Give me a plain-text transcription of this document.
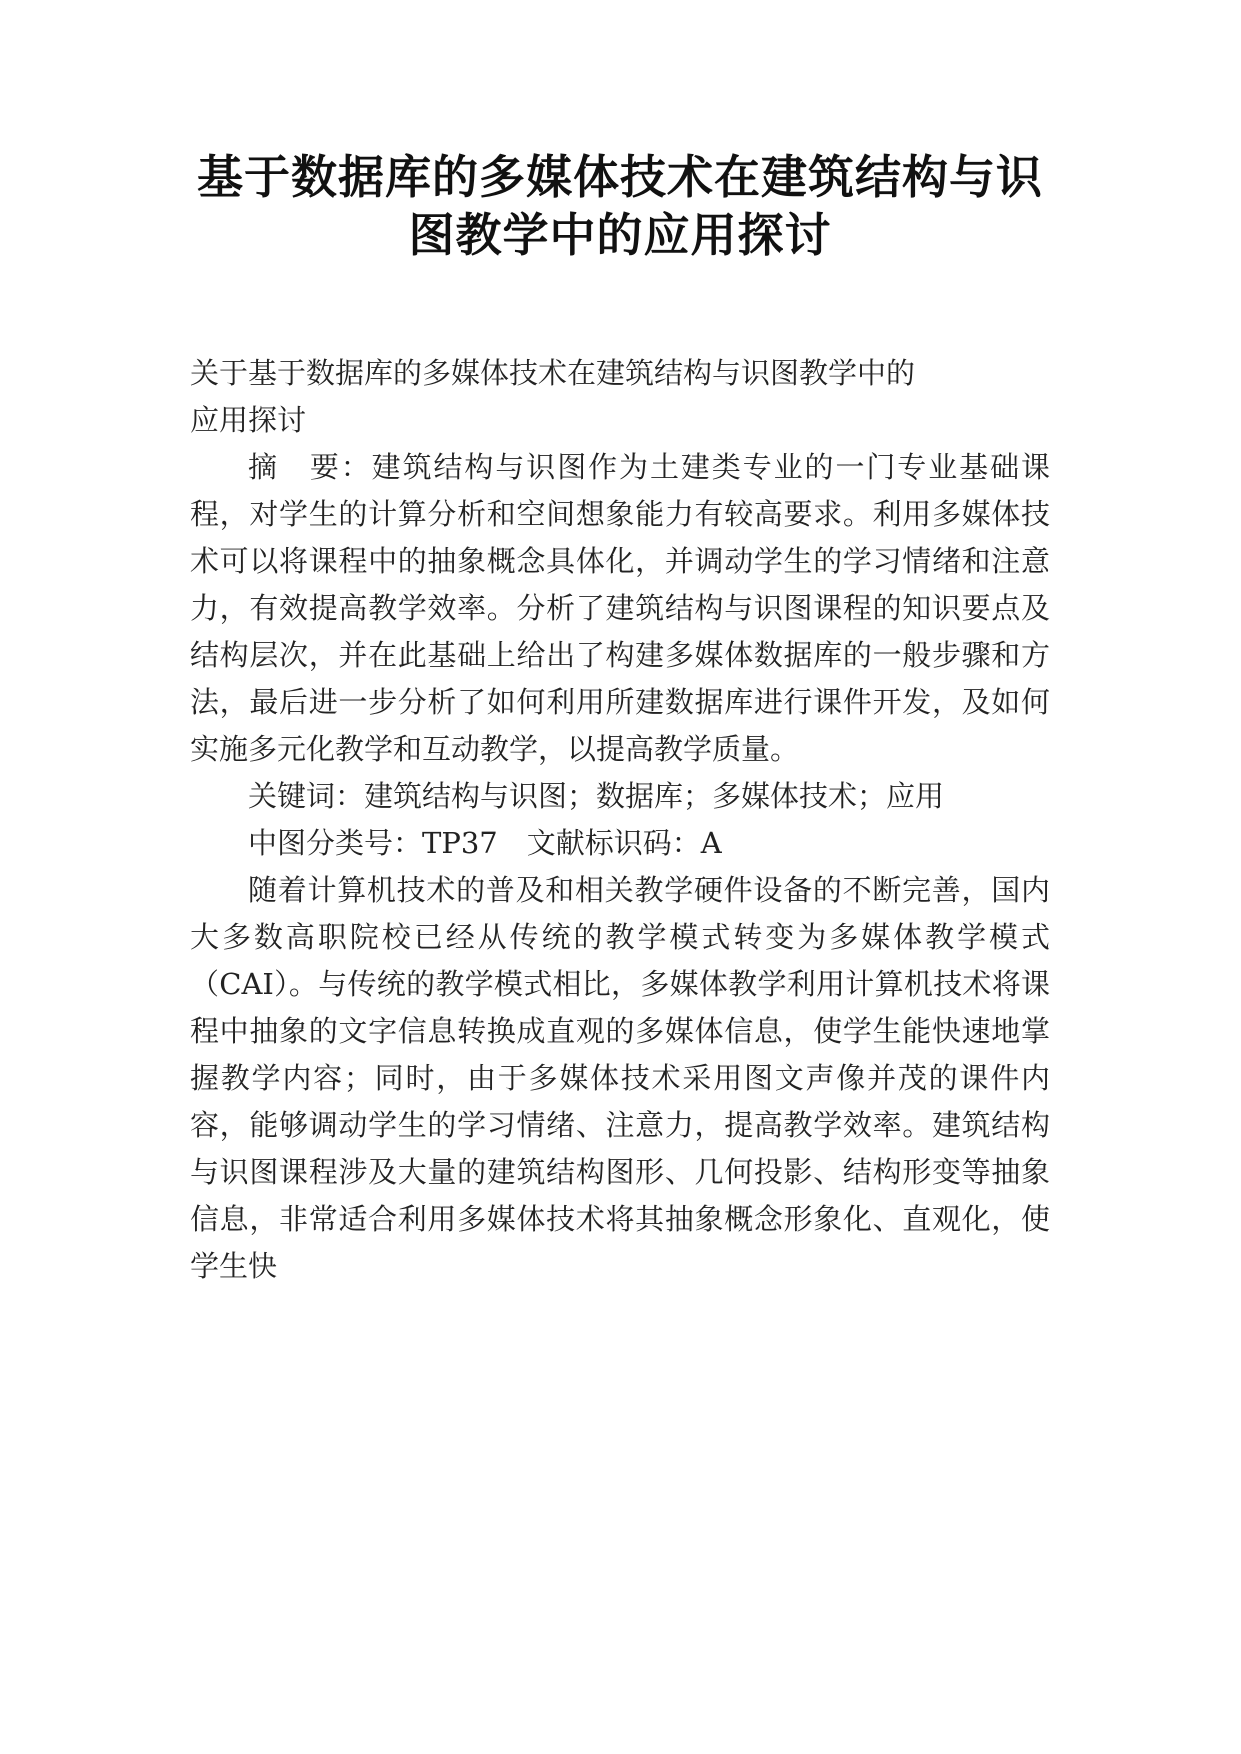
基于数据库的多媒体技术在建筑结构与识
图教学中的应用探讨

关于基于数据库的多媒体技术在建筑结构与识图教学中的
应用探讨

摘　要：建筑结构与识图作为土建类专业的一门专业基础课程，对学生的计算分析和空间想象能力有较高要求。利用多媒体技术可以将课程中的抽象概念具体化，并调动学生的学习情绪和注意力，有效提高教学效率。分析了建筑结构与识图课程的知识要点及结构层次，并在此基础上给出了构建多媒体数据库的一般步骤和方法，最后进一步分析了如何利用所建数据库进行课件开发，及如何实施多元化教学和互动教学，以提高教学质量。

关键词：建筑结构与识图；数据库；多媒体技术；应用

中图分类号：TP37　文献标识码：A

随着计算机技术的普及和相关教学硬件设备的不断完善，国内大多数高职院校已经从传统的教学模式转变为多媒体教学模式（CAI）。与传统的教学模式相比，多媒体教学利用计算机技术将课程中抽象的文字信息转换成直观的多媒体信息，使学生能快速地掌握教学内容；同时，由于多媒体技术采用图文声像并茂的课件内容，能够调动学生的学习情绪、注意力，提高教学效率。建筑结构与识图课程涉及大量的建筑结构图形、几何投影、结构形变等抽象信息，非常适合利用多媒体技术将其抽象概念形象化、直观化，使学生快
